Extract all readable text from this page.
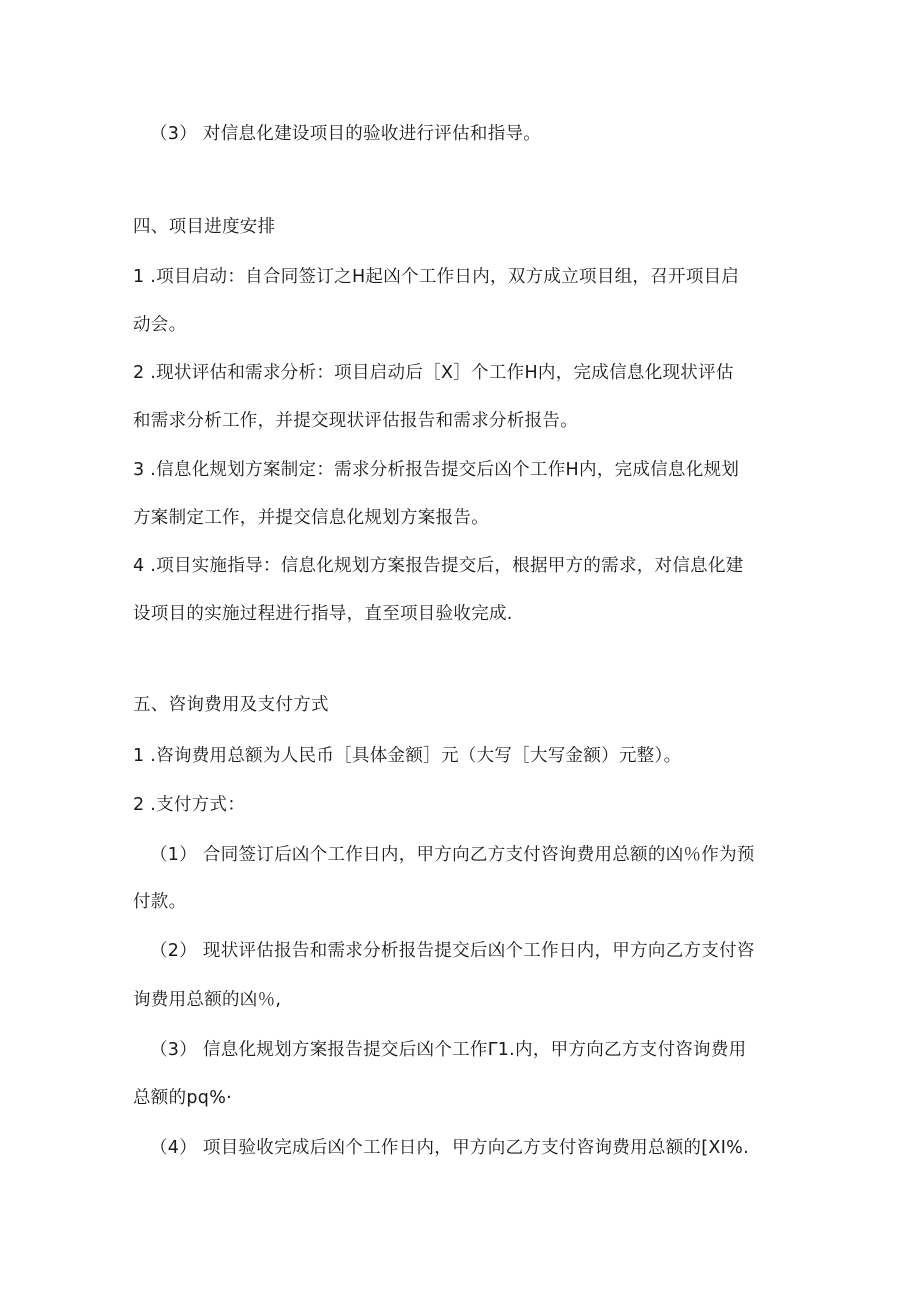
（3） 对信息化建设项目的验收进行评估和指导。
四、项目进度安排
1 .项目启动：自合同签订之H起凶个工作日内，双方成立项目组，召开项目启
动会。
2 .现状评估和需求分析：项目启动后［X］个工作H内，完成信息化现状评估
和需求分析工作，并提交现状评估报告和需求分析报告。
3 .信息化规划方案制定：需求分析报告提交后凶个工作H内，完成信息化规划
方案制定工作，并提交信息化规划方案报告。
4 .项目实施指导：信息化规划方案报告提交后，根据甲方的需求，对信息化建
设项目的实施过程进行指导，直至项目验收完成.
五、咨询费用及支付方式
1 .咨询费用总额为人民币［具体金额］元（大写［大写金额）元整）。
2 .支付方式：
（1） 合同签订后凶个工作日内，甲方向乙方支付咨询费用总额的凶％作为预
付款。
（2） 现状评估报告和需求分析报告提交后凶个工作日内，甲方向乙方支付咨
询费用总额的凶％,
（3） 信息化规划方案报告提交后凶个工作Γ1.内，甲方向乙方支付咨询费用
总额的pq%·
（4） 项目验收完成后凶个工作日内，甲方向乙方支付咨询费用总额的[XI%.
